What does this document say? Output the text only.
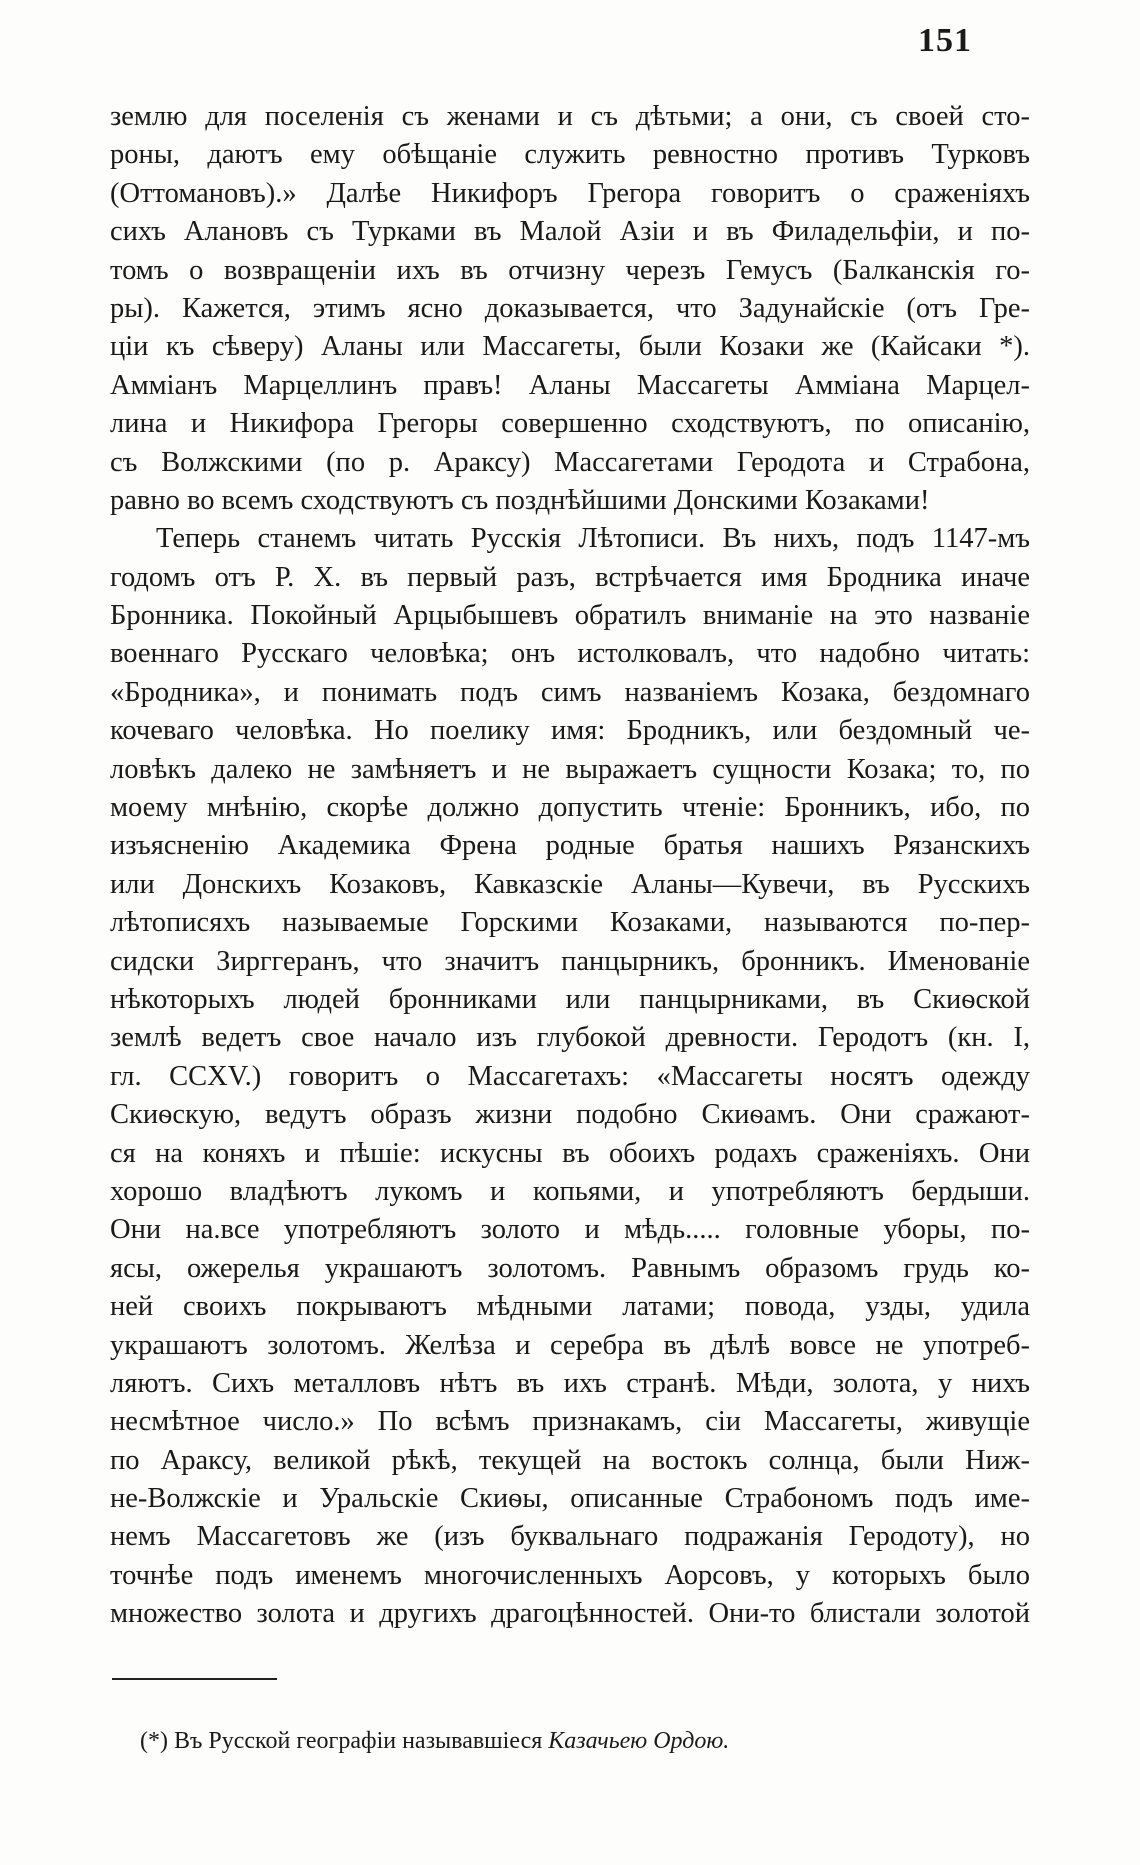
151
землю для поселенія съ женами и съ дѣтьми; а они, съ своей сто-
роны, даютъ ему обѣщаніе служить ревностно противъ Турковъ
(Оттомановъ).» Далѣе Никифоръ Грегора говоритъ о сраженіяхъ
сихъ Алановъ съ Турками въ Малой Азіи и въ Филадельфіи, и по-
томъ о возвращеніи ихъ въ отчизну черезъ Гемусъ (Балканскія го-
ры). Кажется, этимъ ясно доказывается, что Задунайскіе (отъ Гре-
ціи къ сѣверу) Аланы или Массагеты, были Козаки же (Кайсаки *).
Аммiанъ Марцеллинъ правъ! Аланы Массагеты Амміана Марцел-
лина и Никифора Грегоры совершенно сходствуютъ, по описанію,
съ Волжскими (по р. Араксу) Массагетами Геродота и Страбона,
равно во всемъ сходствуютъ съ позднѣйшими Донскими Козаками!
Теперь станемъ читать Русскія Лѣтописи. Въ нихъ, подъ 1147-мъ
годомъ отъ Р. Х. въ первый разъ, встрѣчается имя Бродника иначе
Бронника. Покойный Арцыбышевъ обратилъ вниманіе на это названіе
военнаго Русскаго человѣка; онъ истолковалъ, что надобно читать:
«Бродника», и понимать подъ симъ названіемъ Козака, бездомнаго
кочеваго человѣка. Но поелику имя: Бродникъ, или бездомный че-
ловѣкъ далеко не замѣняетъ и не выражаетъ сущности Козака; то, по
моему мнѣнію, скорѣе должно допустить чтеніе: Бронникъ, ибо, по
изъясненію Академика Френа родные братья нашихъ Рязанскихъ
или Донскихъ Козаковъ, Кавказскіе Аланы—Кувечи, въ Русскихъ
лѣтописяхъ называемые Горскими Козаками, называются по-пер-
сидски Зирггеранъ, что значитъ панцырникъ, бронникъ. Именованіе
нѣкоторыхъ людей бронниками или панцырниками, въ Скиѳской
землѣ ведетъ свое начало изъ глубокой древности. Геродотъ (кн. I,
гл. CCXV.) говоритъ о Массагетахъ: «Массагеты носятъ одежду
Скиѳскую, ведутъ образъ жизни подобно Скиѳамъ. Они сражают-
ся на коняхъ и пѣшіе: искусны въ обоихъ родахъ сраженіяхъ. Они
хорошо владѣютъ лукомъ и копьями, и употребляютъ бердыши.
Они на.все употребляютъ золото и мѣдь..... головные уборы, по-
ясы, ожерелья украшаютъ золотомъ. Равнымъ образомъ грудь ко-
ней своихъ покрываютъ мѣдными латами; повода, узды, удила
украшаютъ золотомъ. Желѣза и серебра въ дѣлѣ вовсе не употреб-
ляютъ. Сихъ металловъ нѣтъ въ ихъ странѣ. Мѣди, золота, у нихъ
несмѣтное число.» По всѣмъ признакамъ, сіи Массагеты, живущіе
по Араксу, великой рѣкѣ, текущей на востокъ солнца, были Ниж-
не-Волжскіе и Уральскіе Скиѳы, описанные Страбономъ подъ име-
немъ Массагетовъ же (изъ буквальнаго подражанія Геродоту), но
точнѣе подъ именемъ многочисленныхъ Аорсовъ, у которыхъ было
множество золота и другихъ драгоцѣнностей. Они-то блистали золотой
(*) Въ Русской географіи называвшіеся Казачьею Ордою.
